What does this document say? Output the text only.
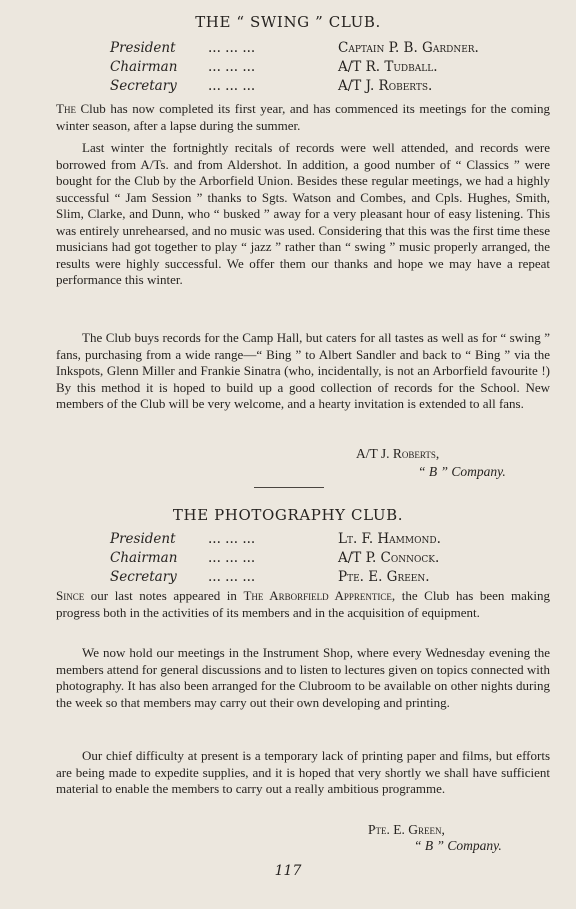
THE “ SWING ” CLUB.
President ... ... ...	Captain P. B. Gardner.
Chairman ... ... ...	A/T R. Tudball.
Secretary ... ... ...	A/T J. Roberts.

The Club has now completed its first year, and has commenced its meetings for the coming winter season, after a lapse during the summer.

Last winter the fortnightly recitals of records were well attended, and records were borrowed from A/Ts. and from Aldershot. In addition, a good number of “ Classics ” were bought for the Club by the Arborfield Union. Besides these regular meetings, we had a highly successful “ Jam Session ” thanks to Sgts. Watson and Combes, and Cpls. Hughes, Smith, Slim, Clarke, and Dunn, who “ busked ” away for a very pleasant hour of easy listening. This was entirely unrehearsed, and no music was used. Considering that this was the first time these musicians had got together to play “ jazz ” rather than “ swing ” music properly arranged, the results were highly successful. We offer them our thanks and hope we may have a repeat performance this winter.

The Club buys records for the Camp Hall, but caters for all tastes as well as for “ swing ” fans, purchasing from a wide range—“ Bing ” to Albert Sandler and back to “ Bing ” via the Inkspots, Glenn Miller and Frankie Sinatra (who, incidentally, is not an Arborfield favourite !) By this method it is hoped to build up a good collection of records for the School. New members of the Club will be very welcome, and a hearty invitation is extended to all fans.

A/T J. Roberts,
“ B ” Company.
THE PHOTOGRAPHY CLUB.
President ... ... ...	Lt. F. Hammond.
Chairman ... ... ...	A/T P. Connock.
Secretary ... ... ...	Pte. E. Green.

Since our last notes appeared in The Arborfield Apprentice, the Club has been making progress both in the activities of its members and in the acquisition of equipment.

We now hold our meetings in the Instrument Shop, where every Wednesday evening the members attend for general discussions and to listen to lectures given on topics connected with photography. It has also been arranged for the Clubroom to be available on other nights during the week so that members may carry out their own developing and printing.

Our chief difficulty at present is a temporary lack of printing paper and films, but efforts are being made to expedite supplies, and it is hoped that very shortly we shall have sufficient material to enable the members to carry out a really ambitious programme.

Pte. E. Green,
“ B ” Company.
117
